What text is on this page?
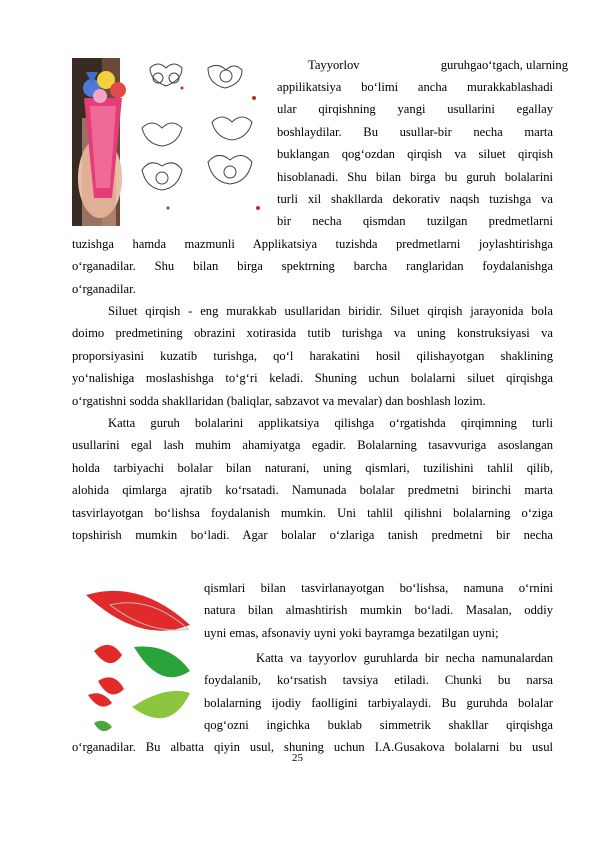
Tayyorlov guruhga o‘tgach, ularning
appilikatsiya bo‘limi ancha murakkablashadi
ular qirqishning yangi usullarini egallay
boshlaydilar. Bu usullar-bir necha marta
buklangan qog‘ozdan qirqish va siluet qirqish
hisoblanadi. Shu bilan birga bu guruh bolalarini
turli xil shakllarda dekorativ naqsh tuzishga va
bir necha qismdan tuzilgan predmetlarni
tuzishga hamda mazmunli Applikatsiya tuzishda predmetlarni joylashtirishga
o‘rganadilar. Shu bilan birga spektrning barcha ranglaridan foydalanishga
o‘rganadilar.
Siluet qirqish - eng murakkab usullaridan biridir. Siluet qirqish jarayonida bola
doimo predmetining obrazini xotirasida tutib turishga va uning konstruksiyasi va
proporsiyasini kuzatib turishga, qo‘l harakatini hosil qilishayotgan shaklining
yo‘nalishiga moslashishga to‘g‘ri keladi. Shuning uchun bolalarni siluet qirqishga
o‘rgatishni sodda shakllaridan (baliqlar, sabzavot va mevalar) dan boshlash lozim.
Katta guruh bolalarini applikatsiya qilishga o‘rgatishda qirqimning turli
usullarini egal lash muhim ahamiyatga egadir. Bolalarning tasavvuriga asoslangan
holda tarbiyachi bolalar bilan naturani, uning qismlari, tuzilishini tahlil qilib,
alohida qimlarga ajratib ko‘rsatadi. Namunada bolalar predmetni birinchi marta
tasvirlayotgan bo‘lishsa foydalanish mumkin. Uni tahlil qilishni bolalarning o‘ziga
topshirish mumkin bo‘ladi. Agar bolalar o‘zlariga tanish predmetni bir necha
qismlari bilan tasvirlanayotgan bo‘lishsa, namuna o‘rnini
natura bilan almashtirish mumkin bo‘ladi. Masalan, oddiy
uyni emas, afsonaviy uyni yoki bayramga bezatilgan uyni;
Katta va tayyorlov guruhlarda bir necha namunalardan
foydalanib, ko‘rsatish tavsiya etiladi. Chunki bu narsa
bolalarning ijodiy faolligini tarbiyalaydi. Bu guruhda bolalar
qog‘ozni ingichka buklab simmetrik shakllar qirqishga
o‘rganadilar. Bu albatta qiyin usul, shuning uchun I.A.Gusakova bolalarni bu usul
25
